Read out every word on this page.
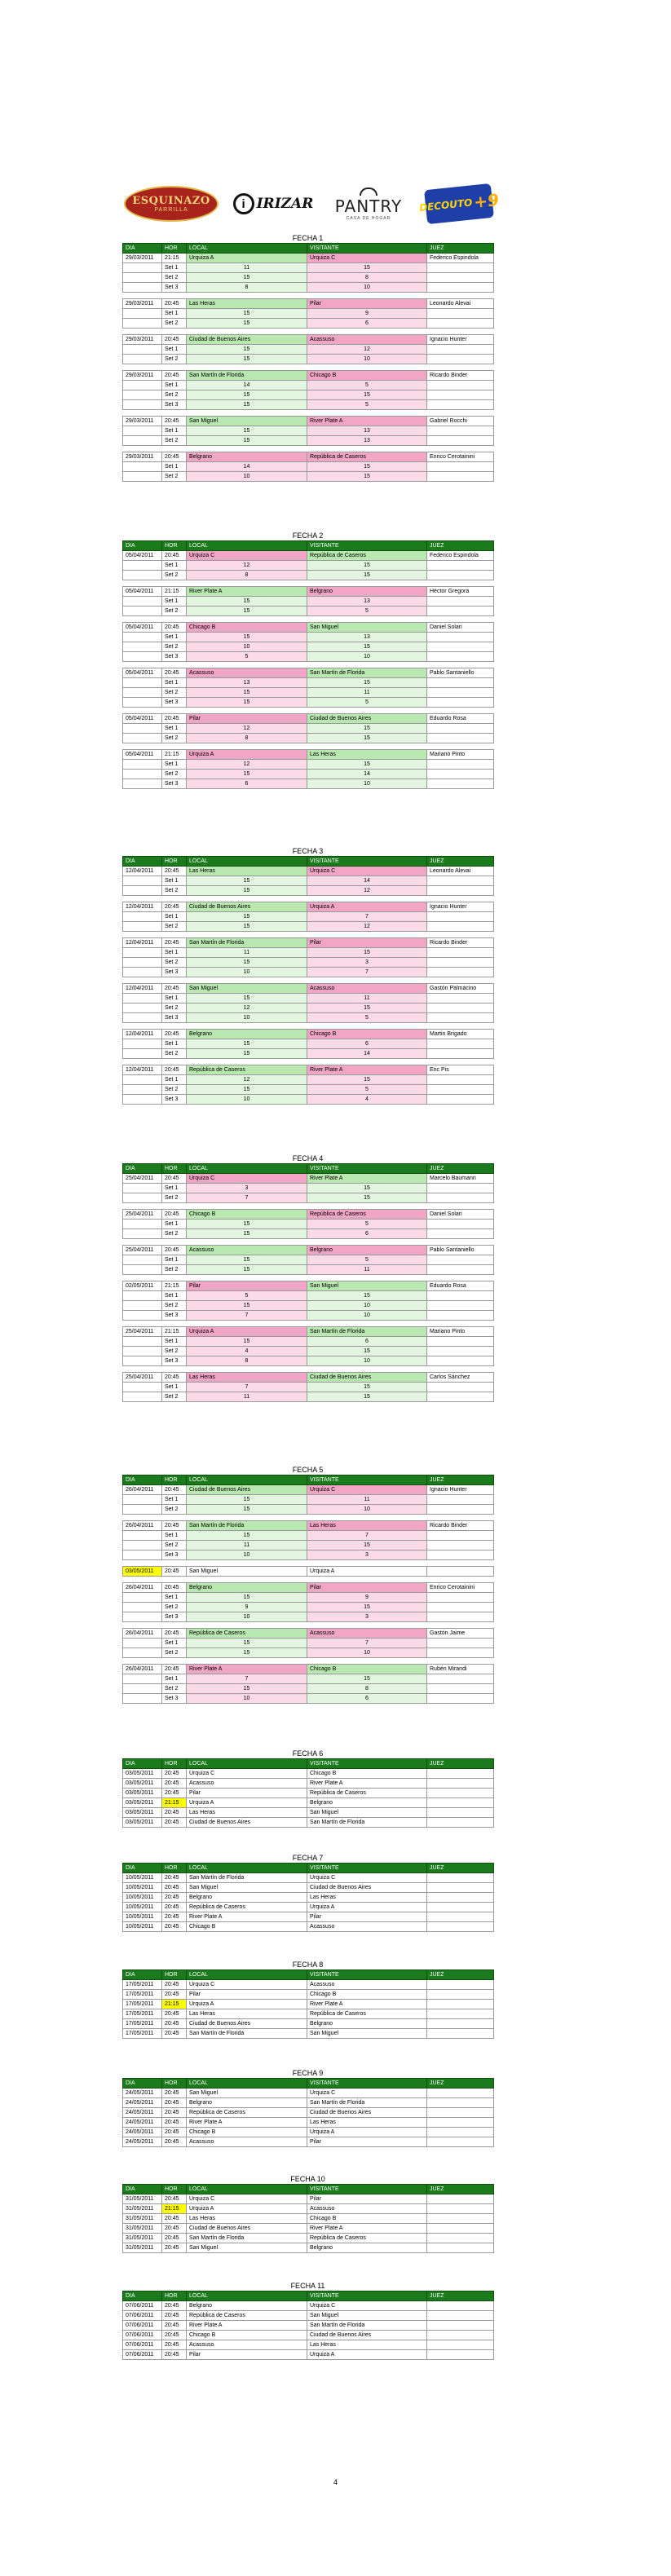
ESQUINAZO
PARRILLA	i IRIZAR PANTRY
CASA DE HOGAR
DECOUTO +9
FECHA 1
DIA	HOR	LOCAL	VISITANTE	JUEZ
29/03/2011	21:15	Urquiza A	Urquiza C	Federico Espindola
	Set 1	11	15	
	Set 2	15	8	
	Set 3	8	10	

29/03/2011	20:45	Las Heras	Pilar	Leonardo Alevai
	Set 1	15	9	
	Set 2	15	6	

29/03/2011	20:45	Ciudad de Buenos Aires	Acassuso	Ignacio Hunter
	Set 1	15	12	
	Set 2	15	10	

29/03/2011	20:45	San Martín de Florida	Chicago B	Ricardo Binder
	Set 1	14	5	
	Set 2	15	15	
	Set 3	15	5	

29/03/2011	20:45	San Miguel	River Plate A	Gabriel Rocchi
	Set 1	15	13	
	Set 2	15	13	

29/03/2011	20:45	Belgrano	República de Caseros	Enrico Cerotainini
	Set 1	14	15	
	Set 2	10	15	
FECHA 2
DIA	HOR	LOCAL	VISITANTE	JUEZ
05/04/2011	20:45	Urquiza C	República de Caseros	Federico Espindola
	Set 1	12	15	
	Set 2	8	15	

05/04/2011	21:15	River Plate A	Belgrano	Héctor Gregora
	Set 1	15	13	
	Set 2	15	5	

05/04/2011	20:45	Chicago B	San Miguel	Daniel Solari
	Set 1	15	13	
	Set 2	10	15	
	Set 3	5	10	

05/04/2011	20:45	Acassuso	San Martín de Florida	Pablo Santaniello
	Set 1	13	15	
	Set 2	15	11	
	Set 3	15	5	

05/04/2011	20:45	Pilar	Ciudad de Buenos Aires	Eduardo Rosa
	Set 1	12	15	
	Set 2	8	15	

05/04/2011	21:15	Urquiza A	Las Heras	Mariano Pinto
	Set 1	12	15	
	Set 2	15	14	
	Set 3	6	10	
FECHA 3
DIA	HOR	LOCAL	VISITANTE	JUEZ
12/04/2011	20:45	Las Heras	Urquiza C	Leonardo Alevai
	Set 1	15	14	
	Set 2	15	12	

12/04/2011	20:45	Ciudad de Buenos Aires	Urquiza A	Ignacio Hunter
	Set 1	15	7	
	Set 2	15	12	

12/04/2011	20:45	San Martín de Florida	Pilar	Ricardo Binder
	Set 1	11	15	
	Set 2	15	3	
	Set 3	10	7	

12/04/2011	20:45	San Miguel	Acassuso	Gastón Palmacino
	Set 1	15	11	
	Set 2	12	15	
	Set 3	10	5	

12/04/2011	20:45	Belgrano	Chicago B	Martin Brigado
	Set 1	15	6	
	Set 2	15	14	

12/04/2011	20:45	República de Caseros	River Plate A	Eric Pis
	Set 1	12	15	
	Set 2	15	5	
	Set 3	10	4	
FECHA 4
DIA	HOR	LOCAL	VISITANTE	JUEZ
25/04/2011	20:45	Urquiza C	River Plate A	Marcelo Baumann
	Set 1	3	15	
	Set 2	7	15	

25/04/2011	20:45	Chicago B	República de Caseros	Daniel Solari
	Set 1	15	5	
	Set 2	15	6	

25/04/2011	20:45	Acassuso	Belgrano	Pablo Santaniello
	Set 1	15	5	
	Set 2	15	11	

02/05/2011	21:15	Pilar	San Miguel	Eduardo Rosa
	Set 1	5	15	
	Set 2	15	10	
	Set 3	7	10	

25/04/2011	21:15	Urquiza A	San Martín de Florida	Mariano Pinto
	Set 1	15	6	
	Set 2	4	15	
	Set 3	8	10	

25/04/2011	20:45	Las Heras	Ciudad de Buenos Aires	Carlos Sánchez
	Set 1	7	15	
	Set 2	11	15	
FECHA 5
DIA	HOR	LOCAL	VISITANTE	JUEZ
26/04/2011	20:45	Ciudad de Buenos Aires	Urquiza C	Ignacio Hunter
	Set 1	15	11	
	Set 2	15	10	

26/04/2011	20:45	San Martín de Florida	Las Heras	Ricardo Binder
	Set 1	15	7	
	Set 2	11	15	
	Set 3	10	3	

03/05/2011	20:45	San Miguel	Urquiza A	

26/04/2011	20:45	Belgrano	Pilar	Enrico Cerotainini
	Set 1	15	9	
	Set 2	9	15	
	Set 3	10	3	

26/04/2011	20:45	República de Caseros	Acassuso	Gastón Jaime
	Set 1	15	7	
	Set 2	15	10	

26/04/2011	20:45	River Plate A	Chicago B	Rubén Mirandi
	Set 1	7	15	
	Set 2	15	8	
	Set 3	10	6	
FECHA 6
DIA	HOR	LOCAL	VISITANTE	JUEZ
03/05/2011	20:45	Urquiza C	Chicago B	
03/05/2011	20:45	Acassuso	River Plate A	
03/05/2011	20:45	Pilar	República de Caseros	
03/05/2011	21:15	Urquiza A	Belgrano	
03/05/2011	20:45	Las Heras	San Miguel	
03/05/2011	20:45	Ciudad de Buenos Aires	San Martín de Florida	
FECHA 7
DIA	HOR	LOCAL	VISITANTE	JUEZ
10/05/2011	20:45	San Martín de Florida	Urquiza C	
10/05/2011	20:45	San Miguel	Ciudad de Buenos Aires	
10/05/2011	20:45	Belgrano	Las Heras	
10/05/2011	20:45	República de Caseros	Urquiza A	
10/05/2011	20:45	River Plate A	Pilar	
10/05/2011	20:45	Chicago B	Acassuso	
FECHA 8
DIA	HOR	LOCAL	VISITANTE	JUEZ
17/05/2011	20:45	Urquiza C	Acassuso	
17/05/2011	20:45	Pilar	Chicago B	
17/05/2011	21:15	Urquiza A	River Plate A	
17/05/2011	20:45	Las Heras	República de Caseros	
17/05/2011	20:45	Ciudad de Buenos Aires	Belgrano	
17/05/2011	20:45	San Martín de Florida	San Miguel	
FECHA 9
DIA	HOR	LOCAL	VISITANTE	JUEZ
24/05/2011	20:45	San Miguel	Urquiza C	
24/05/2011	20:45	Belgrano	San Martín de Florida	
24/05/2011	20:45	República de Caseros	Ciudad de Buenos Aires	
24/05/2011	20:45	River Plate A	Las Heras	
24/05/2011	20:45	Chicago B	Urquiza A	
24/05/2011	20:45	Acassuso	Pilar	
FECHA 10
DIA	HOR	LOCAL	VISITANTE	JUEZ
31/05/2011	20:45	Urquiza C	Pilar	
31/05/2011	21:15	Urquiza A	Acassuso	
31/05/2011	20:45	Las Heras	Chicago B	
31/05/2011	20:45	Ciudad de Buenos Aires	River Plate A	
31/05/2011	20:45	San Martín de Florida	República de Caseros	
31/05/2011	20:45	San Miguel	Belgrano	
FECHA 11
DIA	HOR	LOCAL	VISITANTE	JUEZ
07/06/2011	20:45	Belgrano	Urquiza C	
07/06/2011	20:45	República de Caseros	San Miguel	
07/06/2011	20:45	River Plate A	San Martín de Florida	
07/06/2011	20:45	Chicago B	Ciudad de Buenos Aires	
07/06/2011	20:45	Acassuso	Las Heras	
07/06/2011	20:45	Pilar	Urquiza A	
4
